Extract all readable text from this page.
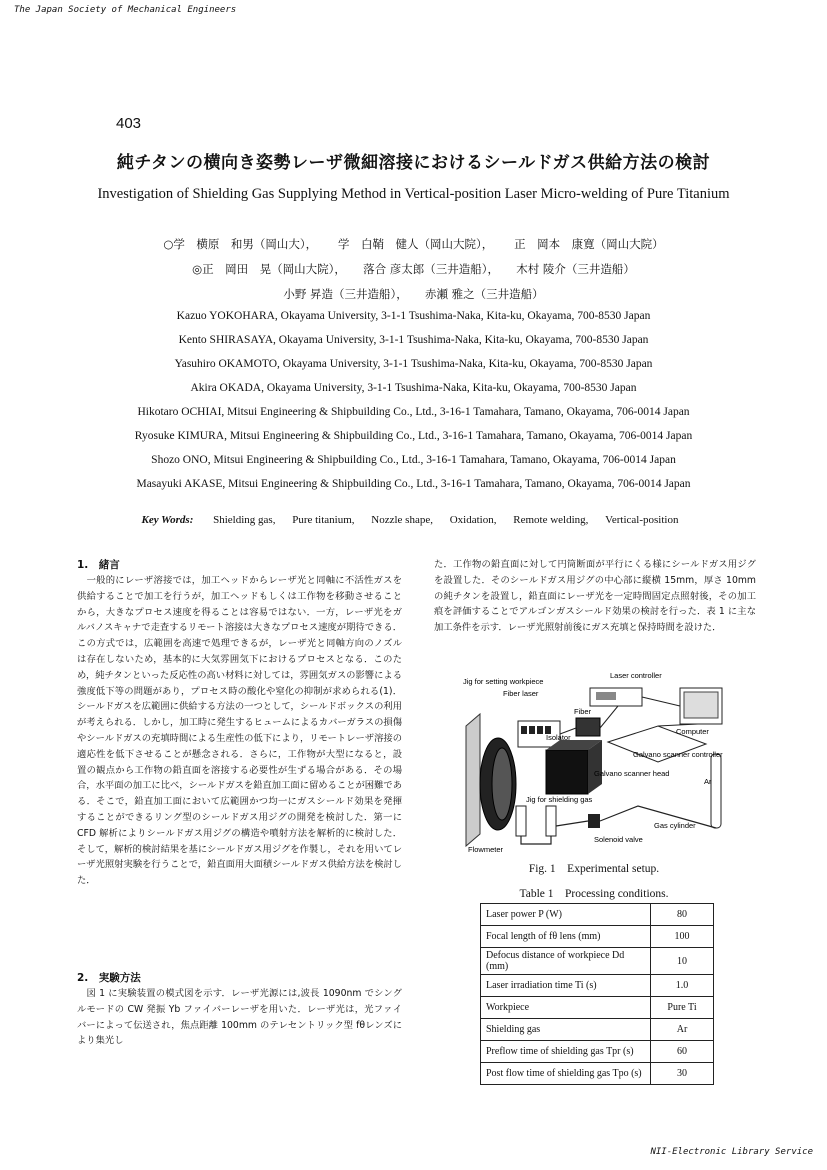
The Japan Society of Mechanical Engineers
403
純チタンの横向き姿勢レーザ微細溶接におけるシールドガス供給方法の検討
Investigation of Shielding Gas Supplying Method in Vertical-position Laser Micro-welding of Pure Titanium
○学　横原　和男（岡山大），　　 学　白鞘　健人（岡山大院），　　 正　岡本　康寛（岡山大院）
◎正　岡田　晃（岡山大院），　　落合 彦太郎（三井造船），　　木村 陵介（三井造船）
小野 昇造（三井造船），　　赤瀬 雅之（三井造船）
Kazuo YOKOHARA, Okayama University, 3-1-1 Tsushima-Naka, Kita-ku, Okayama, 700-8530 Japan
Kento SHIRASAYA, Okayama University, 3-1-1 Tsushima-Naka, Kita-ku, Okayama, 700-8530 Japan
Yasuhiro OKAMOTO, Okayama University, 3-1-1 Tsushima-Naka, Kita-ku, Okayama, 700-8530 Japan
Akira OKADA, Okayama University, 3-1-1 Tsushima-Naka, Kita-ku, Okayama, 700-8530 Japan
Hikotaro OCHIAI, Mitsui Engineering & Shipbuilding Co., Ltd., 3-16-1 Tamahara, Tamano, Okayama, 706-0014 Japan
Ryosuke KIMURA, Mitsui Engineering & Shipbuilding Co., Ltd., 3-16-1 Tamahara, Tamano, Okayama, 706-0014 Japan
Shozo ONO, Mitsui Engineering & Shipbuilding Co., Ltd., 3-16-1 Tamahara, Tamano, Okayama, 706-0014 Japan
Masayuki AKASE, Mitsui Engineering & Shipbuilding Co., Ltd., 3-16-1 Tamahara, Tamano, Okayama, 706-0014 Japan
Key Words: Shielding gas, Pure titanium, Nozzle shape, Oxidation, Remote welding, Vertical-position
1.　緒言
　一般的にレーザ溶接では，加工ヘッドからレーザ光と同軸に不活性ガスを供給することで加工を行うが，加工ヘッドもしくは工作物を移動させることから，大きなプロセス速度を得ることは容易ではない．一方，レーザ光をガルバノスキャナで走査するリモート溶接は大きなプロセス速度が期待できる．この方式では，広範囲を高速で処理できるが，レーザ光と同軸方向のノズルは存在しないため，基本的に大気雰囲気下におけるプロセスとなる．このため，純チタンといった反応性の高い材料に対しては，雰囲気ガスの影響による強度低下等の問題があり，プロセス時の酸化や窒化の抑制が求められる(1)．シールドガスを広範囲に供給する方法の一つとして，シールドボックスの利用が考えられる．しかし，加工時に発生するヒュームによるカバーガラスの損傷やシールドガスの充填時間による生産性の低下により，リモートレーザ溶接の適応性を低下させることが懸念される．さらに，工作物が大型になると，設置の観点から工作物の鉛直面を溶接する必要性が生ずる場合がある．その場合，水平面の加工に比べ，シールドガスを鉛直加工面に留めることが困難である．そこで，鉛直加工面において広範囲かつ均一にガスシールド効果を発揮することができるリング型のシールドガス用ジグの開発を検討した．第一に CFD 解析によりシールドガス用ジグの構造や噴射方法を解析的に検討した．そして，解析的検討結果を基にシールドガス用ジグを作製し，それを用いてレーザ光照射実験を行うことで，鉛直面用大面積シールドガス供給方法を検討した．
2.　実験方法
　図 1 に実験装置の模式図を示す．レーザ光源には,波長 1090nm でシングルモードの CW 発振 Yb ファイバーレーザを用いた．レーザ光は，光ファイバーによって伝送され，焦点距離 100mm のテレセントリック型 fθレンズにより集光し
た．工作物の鉛直面に対して円筒断面が平行にくる様にシールドガス用ジグを設置した．そのシールドガス用ジグの中心部に縦横 15mm，厚さ 10mm の純チタンを設置し，鉛直面にレーザ光を一定時間固定点照射後，その加工痕を評価することでアルゴンガスシールド効果の検討を行った．表 1 に主な加工条件を示す．レーザ光照射前後にガス充填と保持時間を設けた．
Jig for setting workpiece
Fiber laser
Laser controller
Fiber
Computer
Isolator
Galvano scanner controller
Galvano scanner head
Ar
Jig for shielding gas
Gas cylinder
Solenoid valve
Flowmeter
Fig. 1　Experimental setup.
Table 1　Processing conditions.
Laser power P (W)	80
Focal length of fθ lens (mm)	100
Defocus distance of workpiece Dd (mm)	10
Laser irradiation time Ti (s)	1.0
Workpiece	Pure Ti
Shielding gas	Ar
Preflow time of shielding gas Tpr (s)	60
Post flow time of shielding gas Tpo (s)	30
NII-Electronic Library Service
